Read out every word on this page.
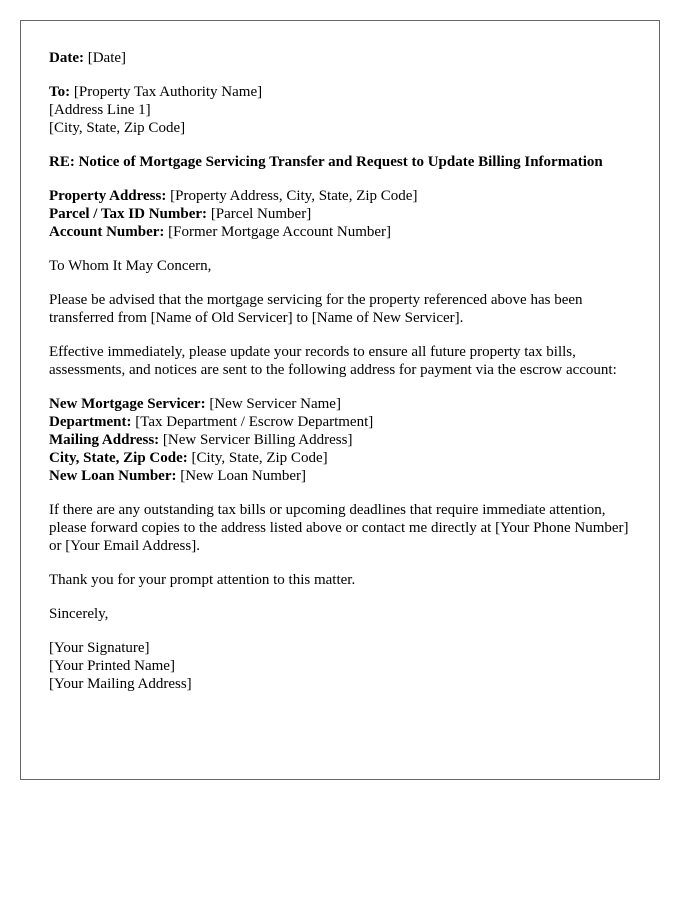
Date: [Date]

To: [Property Tax Authority Name]
[Address Line 1]
[City, State, Zip Code]

RE: Notice of Mortgage Servicing Transfer and Request to Update Billing Information

Property Address: [Property Address, City, State, Zip Code]
Parcel / Tax ID Number: [Parcel Number]
Account Number: [Former Mortgage Account Number]

To Whom It May Concern,

Please be advised that the mortgage servicing for the property referenced above has been transferred from [Name of Old Servicer] to [Name of New Servicer].

Effective immediately, please update your records to ensure all future property tax bills, assessments, and notices are sent to the following address for payment via the escrow account:

New Mortgage Servicer: [New Servicer Name]
Department: [Tax Department / Escrow Department]
Mailing Address: [New Servicer Billing Address]
City, State, Zip Code: [City, State, Zip Code]
New Loan Number: [New Loan Number]

If there are any outstanding tax bills or upcoming deadlines that require immediate attention, please forward copies to the address listed above or contact me directly at [Your Phone Number] or [Your Email Address].

Thank you for your prompt attention to this matter.

Sincerely,

[Your Signature]
[Your Printed Name]
[Your Mailing Address]
